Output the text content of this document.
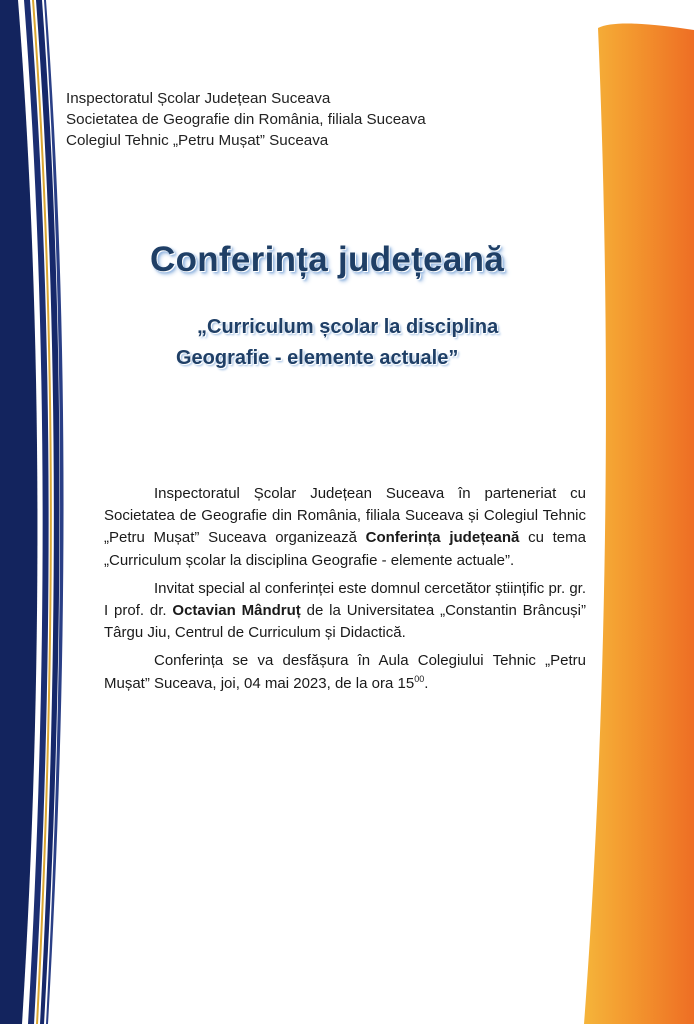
Inspectoratul Școlar Județean Suceava
Societatea de Geografie din România, filiala Suceava
Colegiul Tehnic „Petru Mușat” Suceava
Conferința județeană
„Curriculum școlar la disciplina
Geografie - elemente actuale”

Inspectoratul Școlar Județean Suceava în parteneriat cu Societatea de Geografie din România, filiala Suceava și Colegiul Tehnic „Petru Mușat” Suceava organizează Conferința județeană cu tema „Curriculum școlar la disciplina Geografie - elemente actuale”.

Invitat special al conferinței este domnul cercetător științific pr. gr. I prof. dr. Octavian Mândruț de la Universitatea „Constantin Brâncuși” Târgu Jiu, Centrul de Curriculum și Didactică.

Conferința se va desfășura în Aula Colegiului Tehnic „Petru Mușat” Suceava, joi, 04 mai 2023, de la ora $15^{00}$.
